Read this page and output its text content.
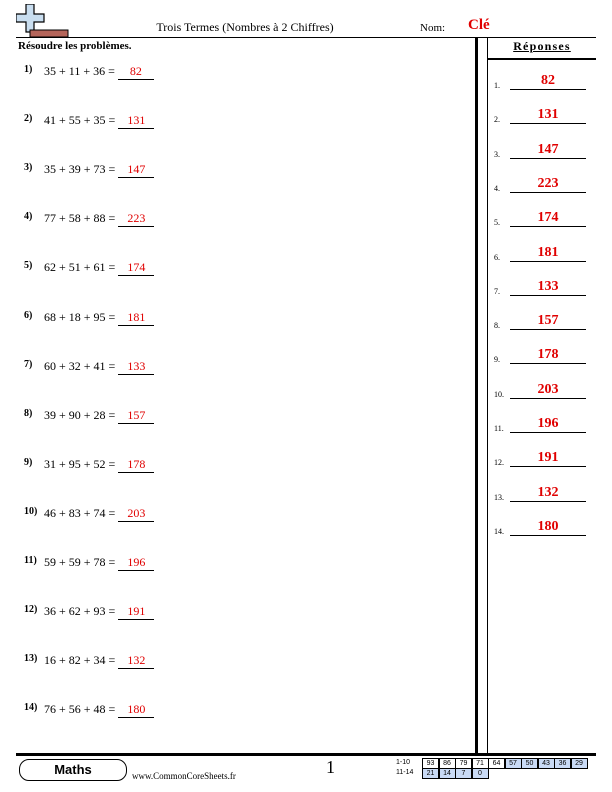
Trois Termes (Nombres à 2 Chiffres)	Nom: Clé
Résoudre les problèmes.
1) 35 + 11 + 36 = 82
2) 41 + 55 + 35 = 131
3) 35 + 39 + 73 = 147
4) 77 + 58 + 88 = 223
5) 62 + 51 + 61 = 174
6) 68 + 18 + 95 = 181
7) 60 + 32 + 41 = 133
8) 39 + 90 + 28 = 157
9) 31 + 95 + 52 = 178
10) 46 + 83 + 74 = 203
11) 59 + 59 + 78 = 196
12) 36 + 62 + 93 = 191
13) 16 + 82 + 34 = 132
14) 76 + 56 + 48 = 180
Réponses
1.	82
2.	131
3.	147
4.	223
5.	174
6.	181
7.	133
8.	157
9.	178
10.	203
11.	196
12.	191
13.	132
14.	180
Maths	www.CommonCoreSheets.fr	1	1-10	93	86	79	71	64	57	50	43	36	29
11-14	21	14	7	0
